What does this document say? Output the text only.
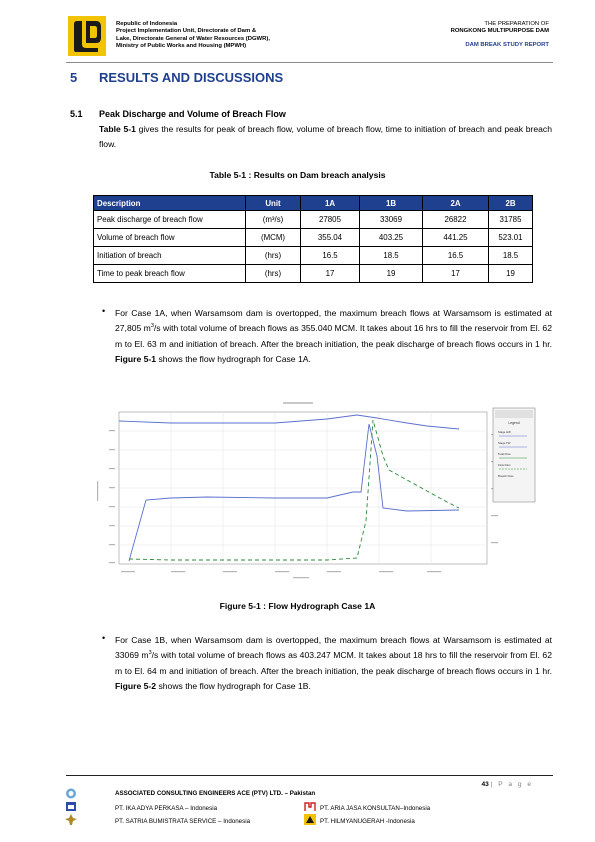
Republic of Indonesia
Project Implementation Unit, Directorate of Dam &
Lake, Directorate General of Water Resources (DGWR),
Ministry of Public Works and Housing (MPWH)
THE PREPARATION OF
RONGKONG MULTIPURPOSE DAM
DAM BREAK STUDY REPORT
5 RESULTS AND DISCUSSIONS
5.1 Peak Discharge and Volume of Breach Flow
Table 5-1 gives the results for peak of breach flow, volume of breach flow, time to initiation of breach and peak breach flow.
Table 5-1 : Results on Dam breach analysis
Description	Unit	1A	1B	2A	2B
Peak discharge of breach flow	(m³/s)	27805	33069	26822	31785
Volume of breach flow	(MCM)	355.04	403.25	441.25	523.01
Initiation of breach	(hrs)	16.5	18.5	16.5	18.5
Time to peak breach flow	(hrs)	17	19	17	19
• For Case 1A, when Warsamsom dam is overtopped, the maximum breach flows at Warsamsom is estimated at 27,805 $m^3/s$ with total volume of breach flows as 355.040 MCM. It takes about 16 hrs to fill the reservoir from El. 62 m to El. 63 m and initiation of breach. After the breach initiation, the peak discharge of breach flows occurs in 1 hr. Figure 5-1 shows the flow hydrograph for Case 1A.
Legend
Stage HW
Stage TW
Total Flow
Flow Dam
Breach Flow
Figure 5-1 : Flow Hydrograph Case 1A
• For Case 1B, when Warsamsom dam is overtopped, the maximum breach flows at Warsamsom is estimated at 33069 $m^3/s$ with total volume of breach flows as 403.247 MCM. It takes about 18 hrs to fill the reservoir from El. 62 m to El. 64 m and initiation of breach. After the breach initiation, the peak discharge of breach flows occurs in 1 hr. Figure 5-2 shows the flow hydrograph for Case 1B.
43 | P a g e
ASSOCIATED CONSULTING ENGINEERS ACE (PTV) LTD. – Pakistan
PT. IKA ADYA PERKASA – Indonesia
PT. SATRIA BUMISTRATA SERVICE – Indonesia
PT. ARIA JASA KONSULTAN–Indonesia
PT. HILMYANUGERAH -Indonesia
